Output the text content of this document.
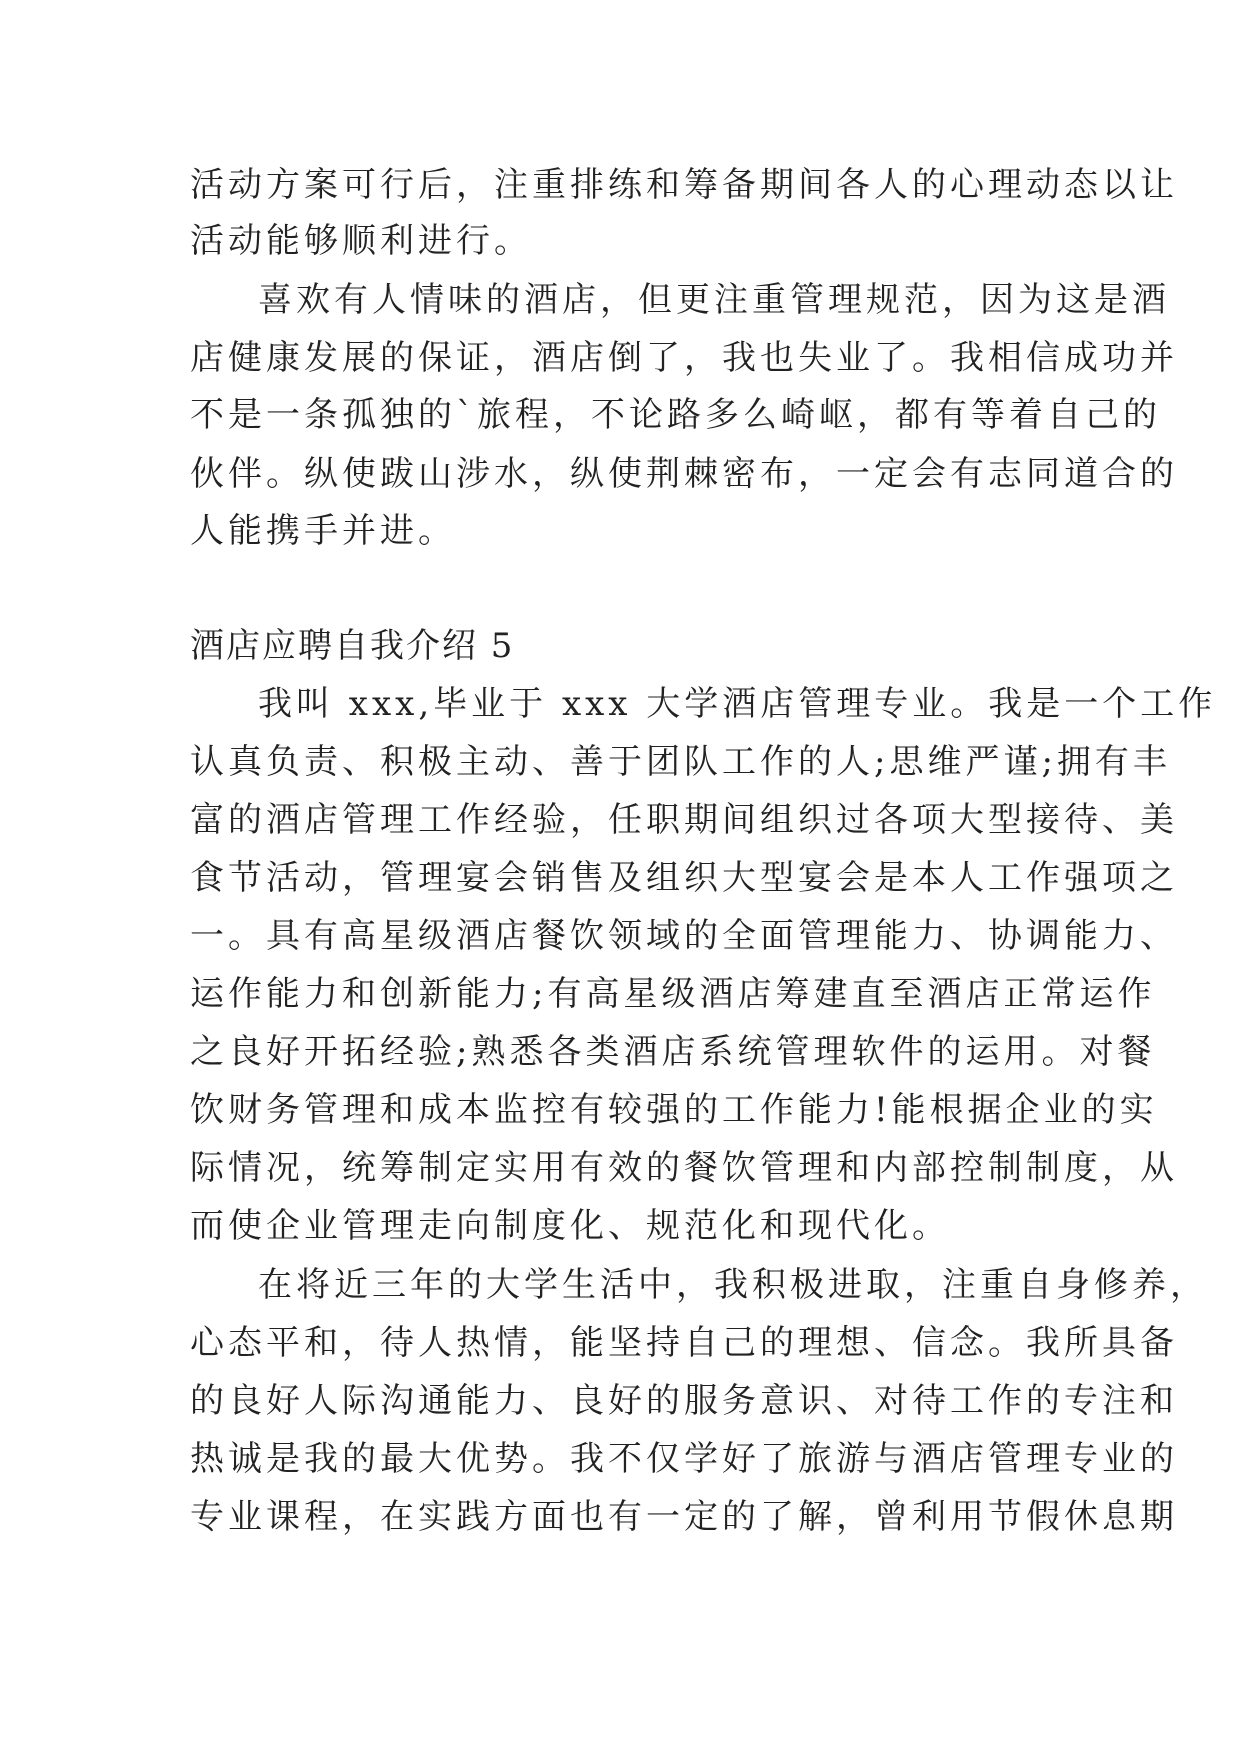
活动方案可行后，注重排练和筹备期间各人的心理动态以让
活动能够顺利进行。
喜欢有人情味的酒店，但更注重管理规范，因为这是酒
店健康发展的保证，酒店倒了，我也失业了。我相信成功并
不是一条孤独的`旅程，不论路多么崎岖，都有等着自己的
伙伴。纵使跋山涉水，纵使荆棘密布，一定会有志同道合的
人能携手并进。
酒店应聘自我介绍 5
我叫 xxx,毕业于 xxx 大学酒店管理专业。我是一个工作
认真负责、积极主动、善于团队工作的人;思维严谨;拥有丰
富的酒店管理工作经验，任职期间组织过各项大型接待、美
食节活动，管理宴会销售及组织大型宴会是本人工作强项之
一。具有高星级酒店餐饮领域的全面管理能力、协调能力、
运作能力和创新能力;有高星级酒店筹建直至酒店正常运作
之良好开拓经验;熟悉各类酒店系统管理软件的运用。对餐
饮财务管理和成本监控有较强的工作能力!能根据企业的实
际情况，统筹制定实用有效的餐饮管理和内部控制制度，从
而使企业管理走向制度化、规范化和现代化。
在将近三年的大学生活中，我积极进取，注重自身修养，
心态平和，待人热情，能坚持自己的理想、信念。我所具备
的良好人际沟通能力、良好的服务意识、对待工作的专注和
热诚是我的最大优势。我不仅学好了旅游与酒店管理专业的
专业课程，在实践方面也有一定的了解，曾利用节假休息期
